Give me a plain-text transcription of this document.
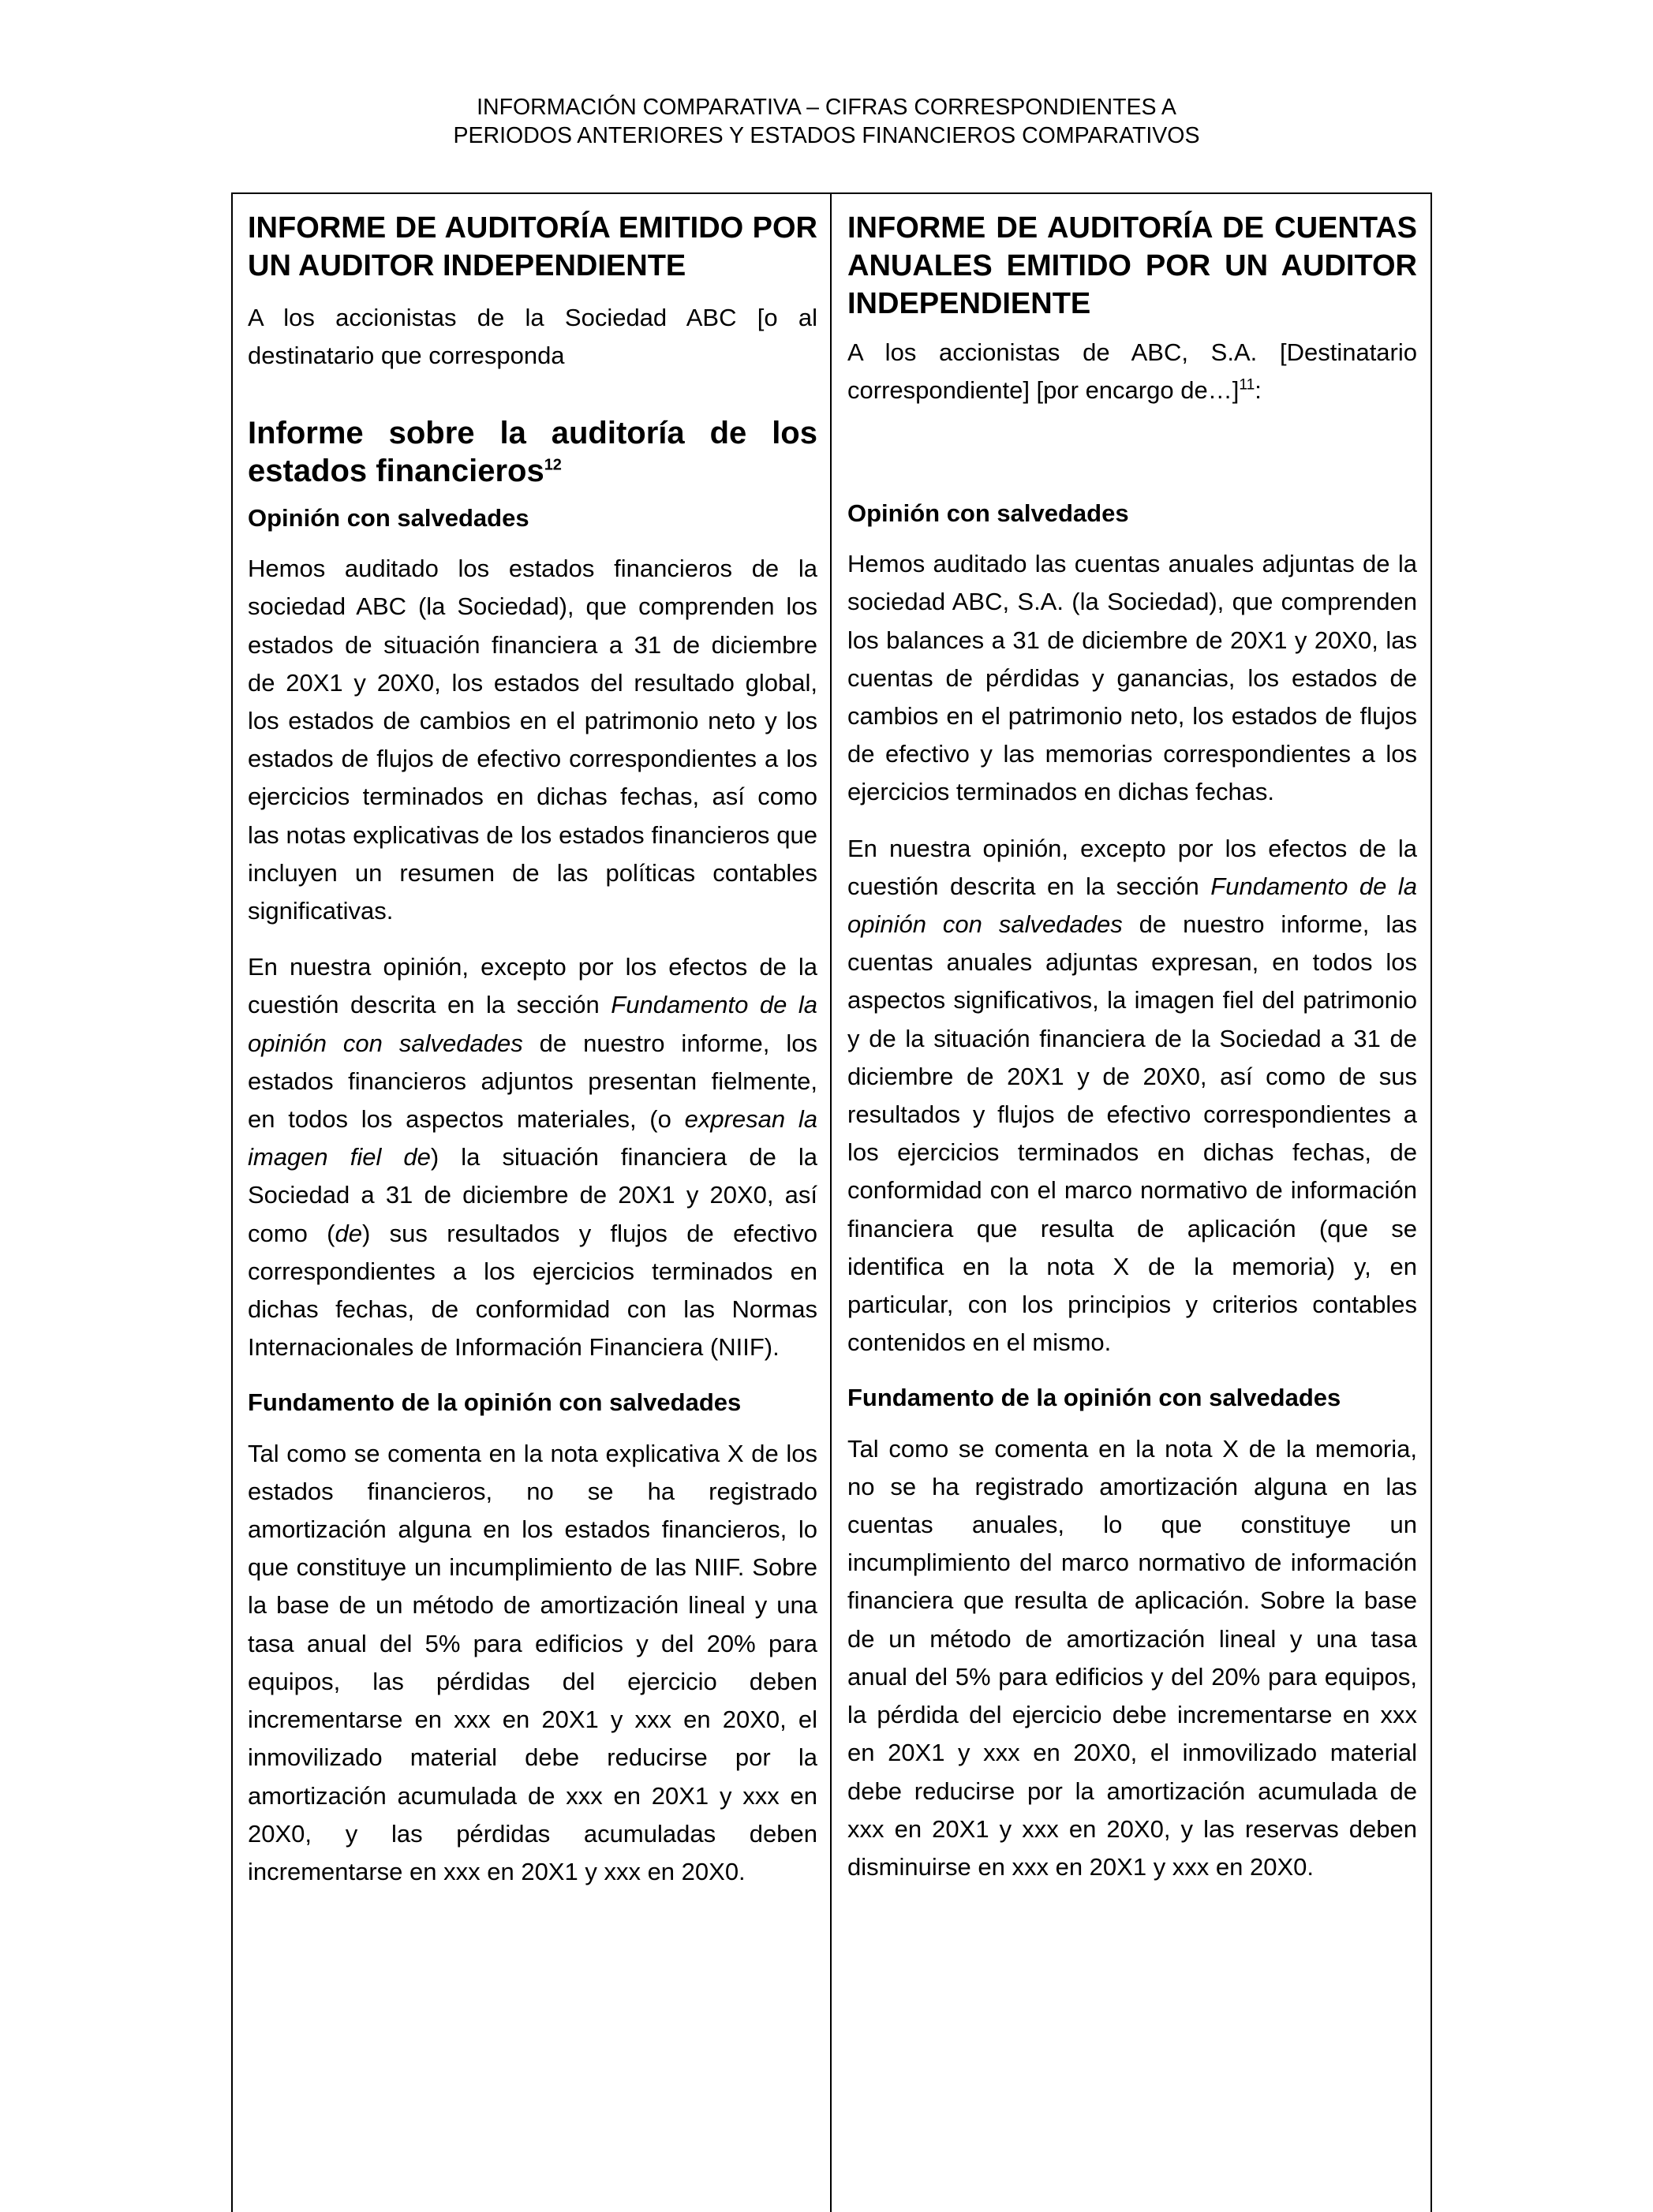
INFORMACIÓN COMPARATIVA – CIFRAS CORRESPONDIENTES A
PERIODOS ANTERIORES Y ESTADOS FINANCIEROS COMPARATIVOS
INFORME DE AUDITORÍA EMITIDO POR UN AUDITOR INDEPENDIENTE

A los accionistas de la Sociedad ABC [o al destinatario que corresponda

Informe sobre la auditoría de los estados financieros$^{12}$
Opinión con salvedades

Hemos auditado los estados financieros de la sociedad ABC (la Sociedad), que comprenden los estados de situación financiera a 31 de diciembre de 20X1 y 20X0, los estados del resultado global, los estados de cambios en el patrimonio neto y los estados de flujos de efectivo correspondientes a los ejercicios terminados en dichas fechas, así como las notas explicativas de los estados financieros que incluyen un resumen de las políticas contables significativas.

En nuestra opinión, excepto por los efectos de la cuestión descrita en la sección Fundamento de la opinión con salvedades de nuestro informe, los estados financieros adjuntos presentan fielmente, en todos los aspectos materiales, (o expresan la imagen fiel de) la situación financiera de la Sociedad a 31 de diciembre de 20X1 y 20X0, así como (de) sus resultados y flujos de efectivo correspondientes a los ejercicios terminados en dichas fechas, de conformidad con las Normas Internacionales de Información Financiera (NIIF).

Fundamento de la opinión con salvedades

Tal como se comenta en la nota explicativa X de los estados financieros, no se ha registrado amortización alguna en los estados financieros, lo que constituye un incumplimiento de las NIIF. Sobre la base de un método de amortización lineal y una tasa anual del 5% para edificios y del 20% para equipos, las pérdidas del ejercicio deben incrementarse en xxx en 20X1 y xxx en 20X0, el inmovilizado material debe reducirse por la amortización acumulada de xxx en 20X1 y xxx en 20X0, y las pérdidas acumuladas deben incrementarse en xxx en 20X1 y xxx en 20X0.

INFORME DE AUDITORÍA DE CUENTAS ANUALES EMITIDO POR UN AUDITOR INDEPENDIENTE

A los accionistas de ABC, S.A. [Destinatario correspondiente] [por encargo de…]$^{11}$:

Opinión con salvedades

Hemos auditado las cuentas anuales adjuntas de la sociedad ABC, S.A. (la Sociedad), que comprenden los balances a 31 de diciembre de 20X1 y 20X0, las cuentas de pérdidas y ganancias, los estados de cambios en el patrimonio neto, los estados de flujos de efectivo y las memorias correspondientes a los ejercicios terminados en dichas fechas.

En nuestra opinión, excepto por los efectos de la cuestión descrita en la sección Fundamento de la opinión con salvedades de nuestro informe, las cuentas anuales adjuntas expresan, en todos los aspectos significativos, la imagen fiel del patrimonio y de la situación financiera de la Sociedad a 31 de diciembre de 20X1 y de 20X0, así como de sus resultados y flujos de efectivo correspondientes a los ejercicios terminados en dichas fechas, de conformidad con el marco normativo de información financiera que resulta de aplicación (que se identifica en la nota X de la memoria) y, en particular, con los principios y criterios contables contenidos en el mismo.

Fundamento de la opinión con salvedades

Tal como se comenta en la nota X de la memoria, no se ha registrado amortización alguna en las cuentas anuales, lo que constituye un incumplimiento del marco normativo de información financiera que resulta de aplicación. Sobre la base de un método de amortización lineal y una tasa anual del 5% para edificios y del 20% para equipos, la pérdida del ejercicio debe incrementarse en xxx en 20X1 y xxx en 20X0, el inmovilizado material debe reducirse por la amortización acumulada de xxx en 20X1 y xxx en 20X0, y las reservas deben disminuirse en xxx en 20X1 y xxx en 20X0.
